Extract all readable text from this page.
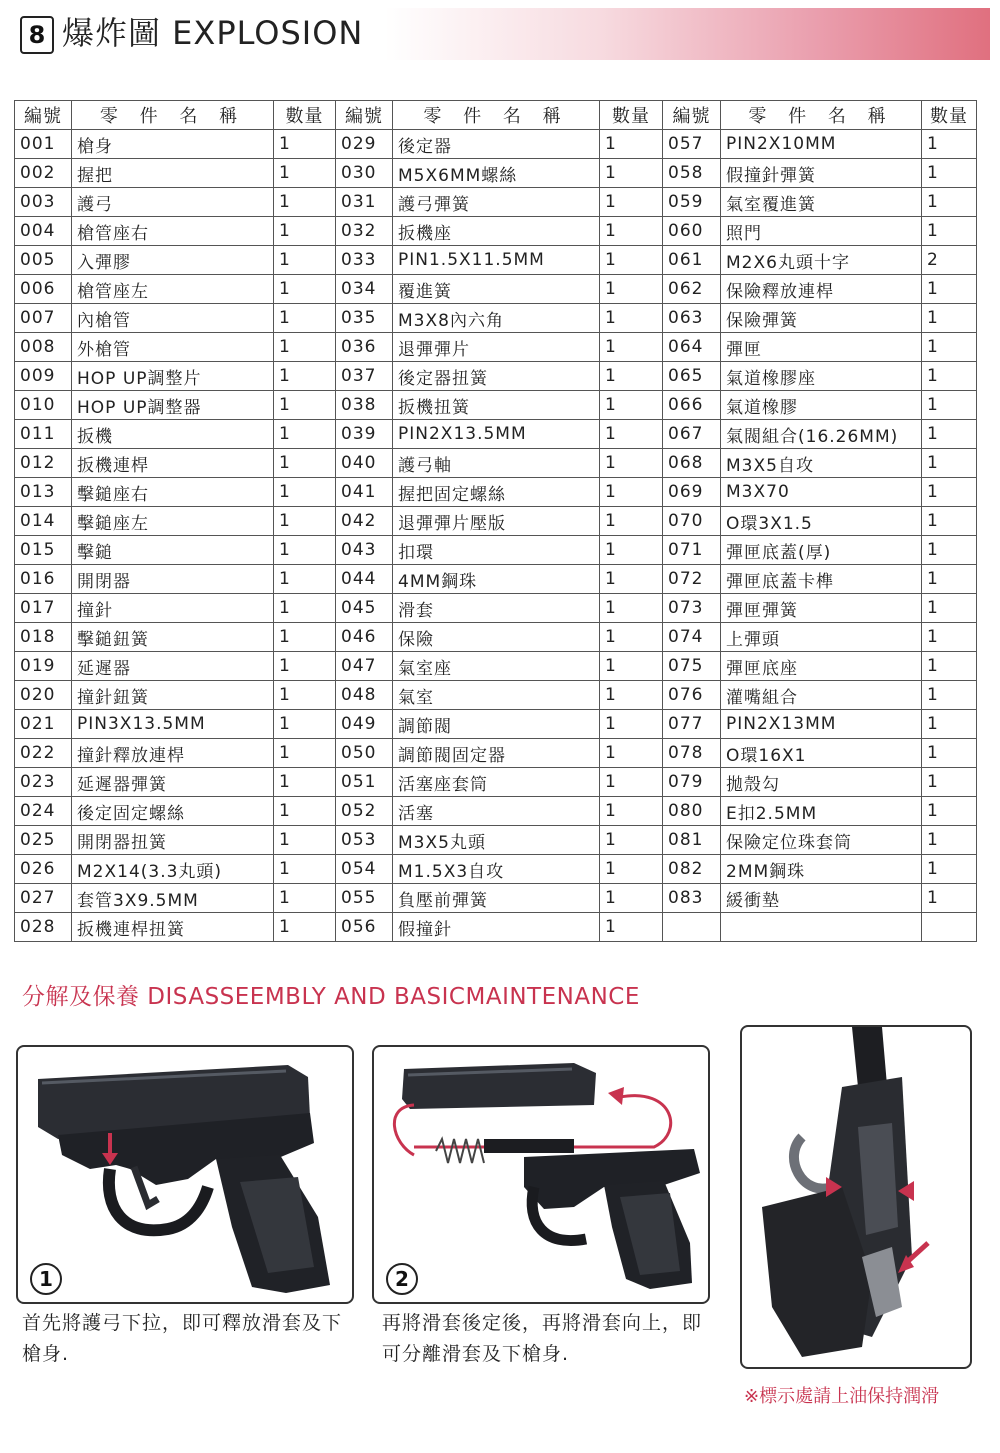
8 爆炸圖 EXPLOSION
編號	零 件 名 稱	數量	編號	零 件 名 稱	數量	編號	零 件 名 稱	數量
001	槍身	1	029	後定器	1	057	PIN2X10MM	1
002	握把	1	030	M5X6MM螺絲	1	058	假撞針彈簧	1
003	護弓	1	031	護弓彈簧	1	059	氣室覆進簧	1
004	槍管座右	1	032	扳機座	1	060	照門	1
005	入彈膠	1	033	PIN1.5X11.5MM	1	061	M2X6丸頭十字	2
006	槍管座左	1	034	覆進簧	1	062	保險釋放連桿	1
007	內槍管	1	035	M3X8內六角	1	063	保險彈簧	1
008	外槍管	1	036	退彈彈片	1	064	彈匣	1
009	HOP UP調整片	1	037	後定器扭簧	1	065	氣道橡膠座	1
010	HOP UP調整器	1	038	扳機扭簧	1	066	氣道橡膠	1
011	扳機	1	039	PIN2X13.5MM	1	067	氣閥組合(16.26MM)	1
012	扳機連桿	1	040	護弓軸	1	068	M3X5自攻	1
013	擊鎚座右	1	041	握把固定螺絲	1	069	M3X70	1
014	擊鎚座左	1	042	退彈彈片壓版	1	070	O環3X1.5	1
015	擊鎚	1	043	扣環	1	071	彈匣底蓋(厚)	1
016	開閉器	1	044	4MM鋼珠	1	072	彈匣底蓋卡榫	1
017	撞針	1	045	滑套	1	073	彈匣彈簧	1
018	擊鎚鈕簧	1	046	保險	1	074	上彈頭	1
019	延遲器	1	047	氣室座	1	075	彈匣底座	1
020	撞針鈕簧	1	048	氣室	1	076	灌嘴組合	1
021	PIN3X13.5MM	1	049	調節閥	1	077	PIN2X13MM	1
022	撞針釋放連桿	1	050	調節閥固定器	1	078	O環16X1	1
023	延遲器彈簧	1	051	活塞座套筒	1	079	拋殼勾	1
024	後定固定螺絲	1	052	活塞	1	080	E扣2.5MM	1
025	開閉器扭簧	1	053	M3X5丸頭	1	081	保險定位珠套筒	1
026	M2X14(3.3丸頭)	1	054	M1.5X3自攻	1	082	2MM鋼珠	1
027	套管3X9.5MM	1	055	負壓前彈簧	1	083	緩衝墊	1
028	扳機連桿扭簧	1	056	假撞針	1			
分解及保養 DISASSEEMBLY AND BASICMAINTENANCE
1	2
首先將護弓下拉，即可釋放滑套及下槍身.
再將滑套後定後，再將滑套向上，即可分離滑套及下槍身.
※標示處請上油保持潤滑
